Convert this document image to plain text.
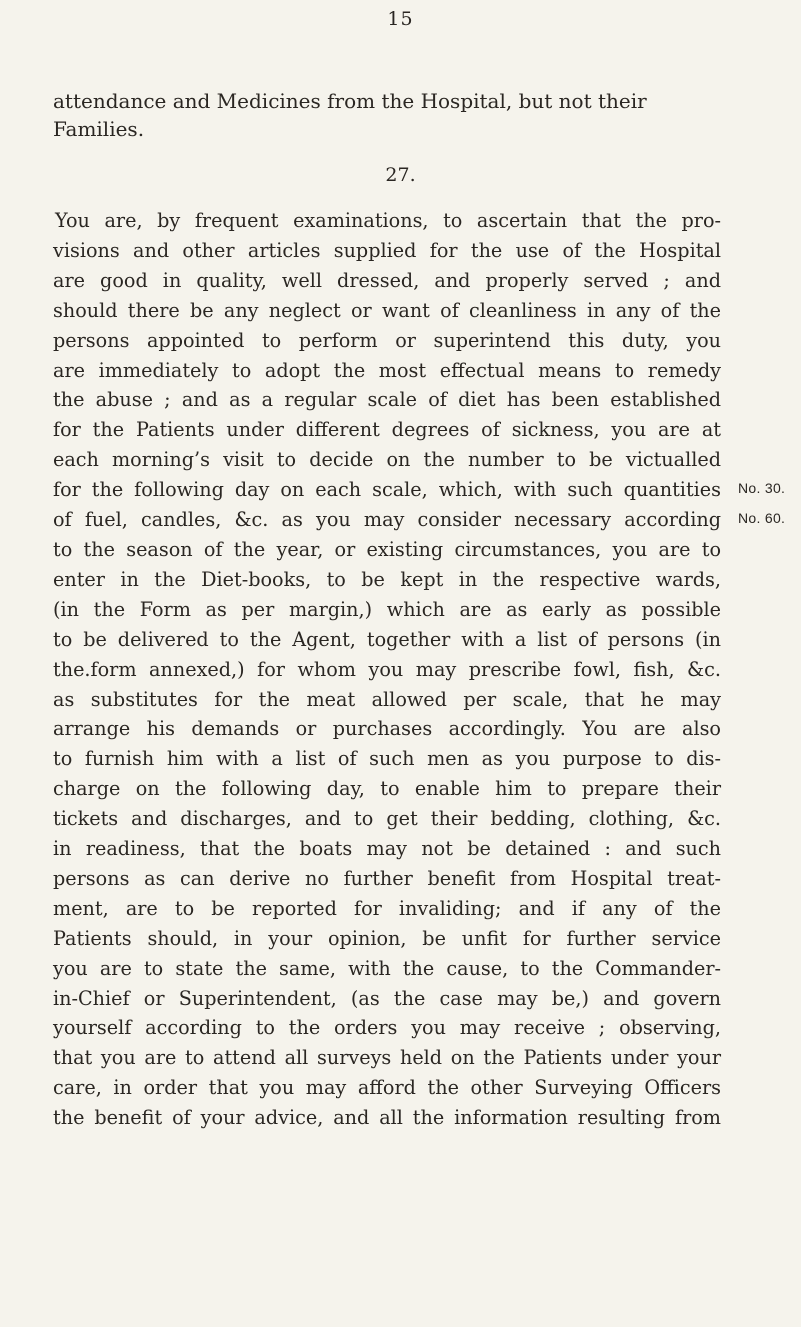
15
attendance and Medicines from the Hospital, but not their
Families.
27.
You are, by frequent examinations, to ascertain that the pro-
visions and other articles supplied for the use of the Hospital
are good in quality, well dressed, and properly served ; and
should there be any neglect or want of cleanliness in any of the
persons appointed to perform or superintend this duty, you
are immediately to adopt the most effectual means to remedy
the abuse ; and as a regular scale of diet has been established
for the Patients under different degrees of sickness, you are at
each morning’s visit to decide on the number to be victualled
for the following day on each scale, which, with such quantities
of fuel, candles, &c. as you may consider necessary according
to the season of the year, or existing circumstances, you are to
enter in the Diet-books, to be kept in the respective wards,
(in the Form as per margin,) which are as early as possible
to be delivered to the Agent, together with a list of persons (in
the.form annexed,) for whom you may prescribe fowl, fish, &c.
as substitutes for the meat allowed per scale, that he may
arrange his demands or purchases accordingly. You are also
to furnish him with a list of such men as you purpose to dis-
charge on the following day, to enable him to prepare their
tickets and discharges, and to get their bedding, clothing, &c.
in readiness, that the boats may not be detained : and such
persons as can derive no further benefit from Hospital treat-
ment, are to be reported for invaliding; and if any of the
Patients should, in your opinion, be unfit for further service
you are to state the same, with the cause, to the Commander-
in-Chief or Superintendent, (as the case may be,) and govern
yourself according to the orders you may receive ; observing,
that you are to attend all surveys held on the Patients under your
care, in order that you may afford the other Surveying Officers
the benefit of your advice, and all the information resulting from
No. 30.
No. 60.
